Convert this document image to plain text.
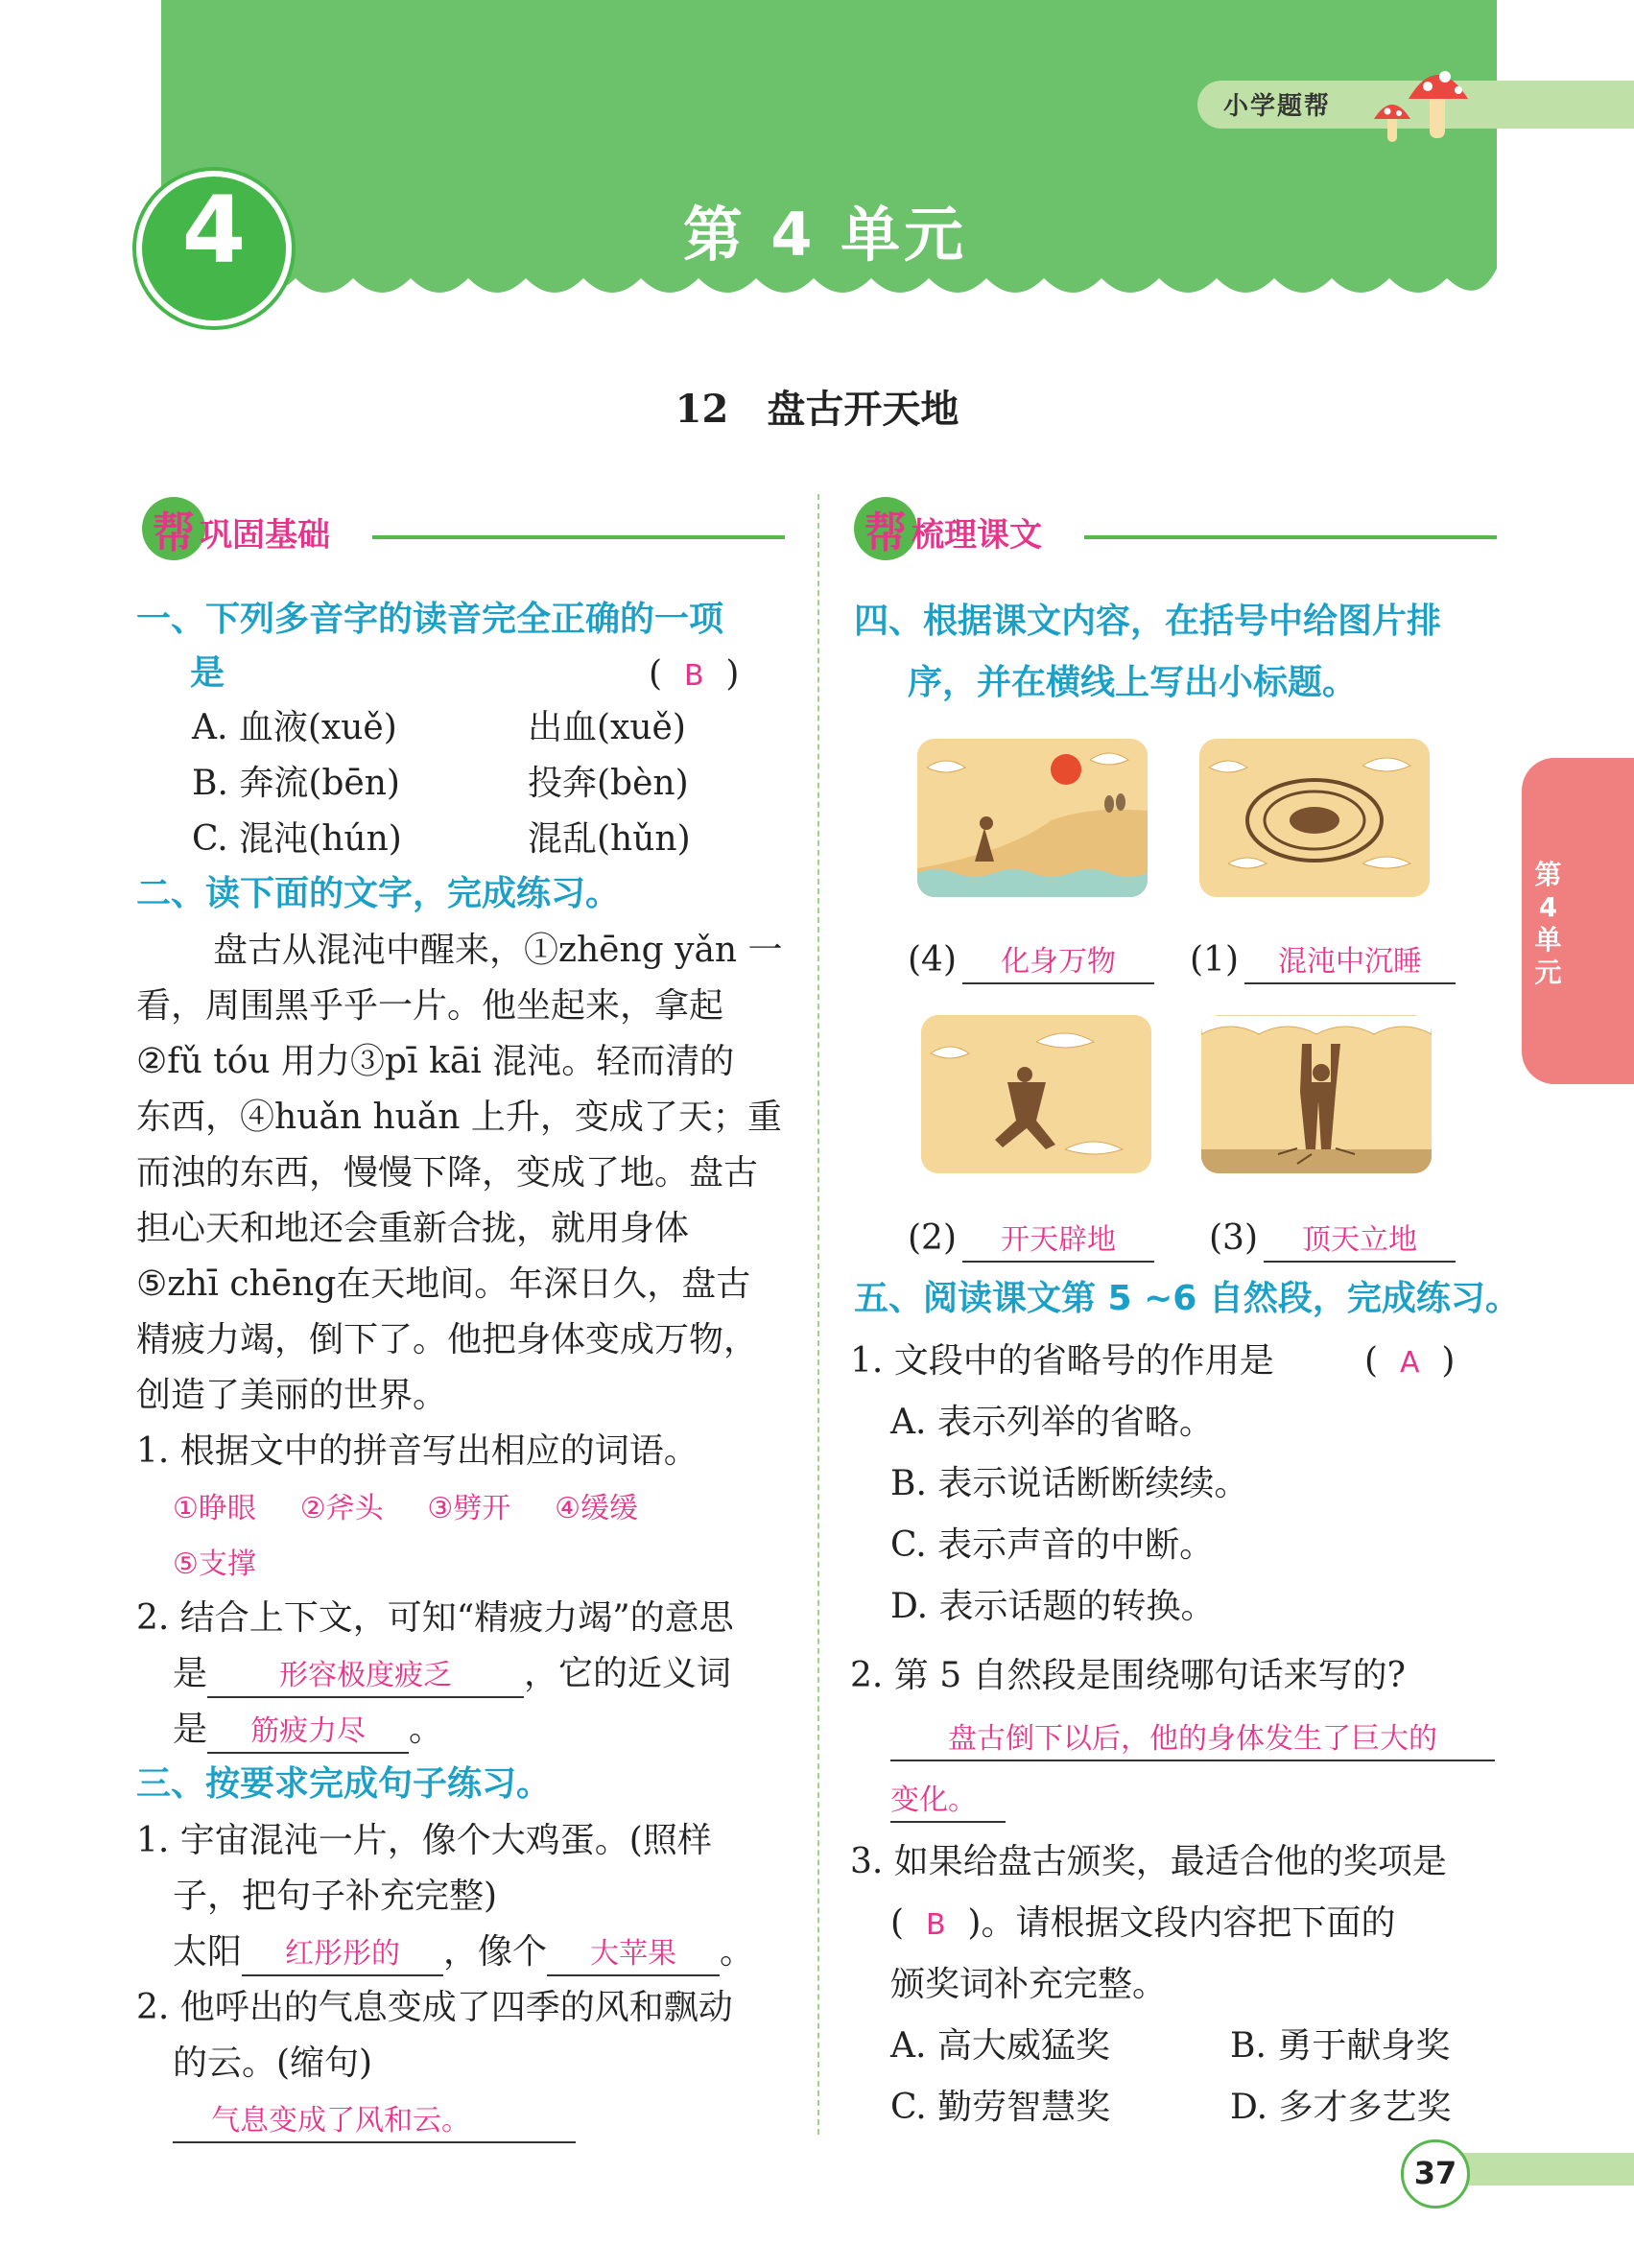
小学题帮
4	第 4 单元
12 盘古开天地
帮 巩固基础
一、下列多音字的读音完全正确的一项
是	(  B  )
A. 血液(xuě)	出血(xuě)
B. 奔流(bēn)	投奔(bèn)
C. 混沌(hún)	混乱(hǔn)
二、读下面的文字，完成练习。
盘古从混沌中醒来，①zhēng yǎn 一
看，周围黑乎乎一片。他坐起来，拿起
②fǔ tóu 用力③pī kāi 混沌。轻而清的
东西，④huǎn huǎn 上升，变成了天；重
而浊的东西，慢慢下降，变成了地。盘古
担心天和地还会重新合拢，就用身体
⑤zhī chēng在天地间。年深日久，盘古
精疲力竭，倒下了。他把身体变成万物，
创造了美丽的世界。
1. 根据文中的拼音写出相应的词语。
①睁眼 ②斧头 ③劈开 ④缓缓
⑤支撑
2. 结合上下文，可知“精疲力竭”的意思
是	形容极度疲乏 ，它的近义词
是 筋疲力尽 。
三、按要求完成句子练习。
1. 宇宙混沌一片，像个大鸡蛋。(照样
子，把句子补充完整)
太阳 红彤彤的 ，像个 大苹果 。
2. 他呼出的气息变成了四季的风和飘动
的云。(缩句)
气息变成了风和云。
帮 梳理课文
四、根据课文内容，在括号中给图片排
序，并在横线上写出小标题。
(4) 化身万物	(1) 混沌中沉睡
(2) 开天辟地	(3) 顶天立地
五、阅读课文第 5 ~6 自然段，完成练习。
1. 文段中的省略号的作用是	(  A  )
A. 表示列举的省略。
B. 表示说话断断续续。
C. 表示声音的中断。
D. 表示话题的转换。
2. 第 5 自然段是围绕哪句话来写的?
盘古倒下以后，他的身体发生了巨大的
变化。
3. 如果给盘古颁奖，最适合他的奖项是
(  B  )。请根据文段内容把下面的
颁奖词补充完整。
A. 高大威猛奖	B. 勇于献身奖
C. 勤劳智慧奖	D. 多才多艺奖
第
4
单
元
37
